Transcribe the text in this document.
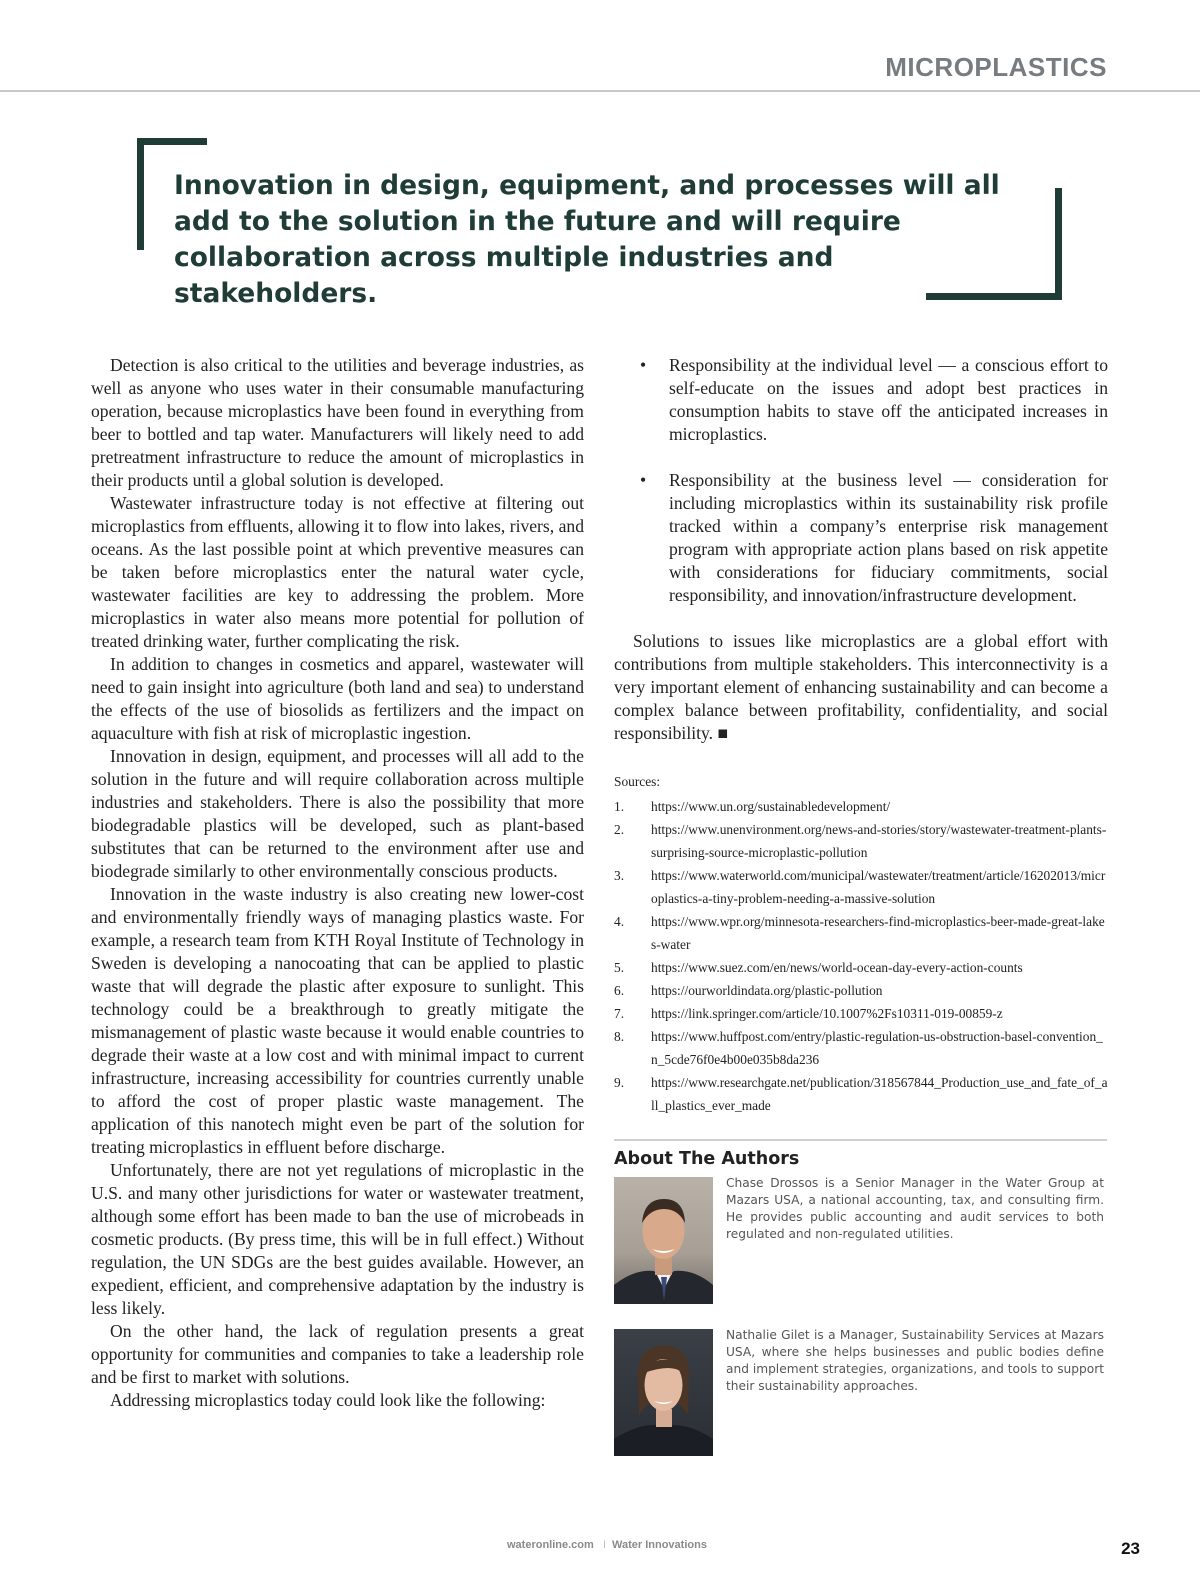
MICROPLASTICS

Innovation in design, equipment, and processes will all add to the solution in the future and will require collaboration across multiple industries and stakeholders.

Detection is also critical to the utilities and beverage industries, as well as anyone who uses water in their consumable manufacturing operation, because microplastics have been found in everything from beer to bottled and tap water. Manufacturers will likely need to add pretreatment infrastructure to reduce the amount of microplastics in their products until a global solution is developed.

Wastewater infrastructure today is not effective at filtering out microplastics from effluents, allowing it to flow into lakes, rivers, and oceans. As the last possible point at which preventive measures can be taken before microplastics enter the natural water cycle, wastewater facilities are key to addressing the problem. More microplastics in water also means more potential for pollution of treated drinking water, further complicating the risk.

In addition to changes in cosmetics and apparel, wastewater will need to gain insight into agriculture (both land and sea) to understand the effects of the use of biosolids as fertilizers and the impact on aquaculture with fish at risk of microplastic ingestion.

Innovation in design, equipment, and processes will all add to the solution in the future and will require collaboration across multiple industries and stakeholders. There is also the possibility that more biodegradable plastics will be developed, such as plant-based substitutes that can be returned to the environment after use and biodegrade similarly to other environmentally conscious products.

Innovation in the waste industry is also creating new lower-cost and environmentally friendly ways of managing plastics waste. For example, a research team from KTH Royal Institute of Technology in Sweden is developing a nanocoating that can be applied to plastic waste that will degrade the plastic after exposure to sunlight. This technology could be a breakthrough to greatly mitigate the mismanagement of plastic waste because it would enable countries to degrade their waste at a low cost and with minimal impact to current infrastructure, increasing accessibility for countries currently unable to afford the cost of proper plastic waste management. The application of this nanotech might even be part of the solution for treating microplastics in effluent before discharge.

Unfortunately, there are not yet regulations of microplastic in the U.S. and many other jurisdictions for water or wastewater treatment, although some effort has been made to ban the use of microbeads in cosmetic products. (By press time, this will be in full effect.) Without regulation, the UN SDGs are the best guides available. However, an expedient, efficient, and comprehensive adaptation by the industry is less likely.

On the other hand, the lack of regulation presents a great opportunity for communities and companies to take a leadership role and be first to market with solutions.

Addressing microplastics today could look like the following:

• Responsibility at the individual level — a conscious effort to self-educate on the issues and adopt best practices in consumption habits to stave off the anticipated increases in microplastics.
• Responsibility at the business level — consideration for including microplastics within its sustainability risk profile tracked within a company’s enterprise risk management program with appropriate action plans based on risk appetite with considerations for fiduciary commitments, social responsibility, and innovation/infrastructure development.

Solutions to issues like microplastics are a global effort with contributions from multiple stakeholders. This interconnectivity is a very important element of enhancing sustainability and can become a complex balance between profitability, confidentiality, and social responsibility. ■

Sources:
1. https://www.un.org/sustainabledevelopment/
2. https://www.unenvironment.org/news-and-stories/story/wastewater-treatment-plants-surprising-source-microplastic-pollution
3. https://www.waterworld.com/municipal/wastewater/treatment/article/16202013/microplastics-a-tiny-problem-needing-a-massive-solution
4. https://www.wpr.org/minnesota-researchers-find-microplastics-beer-made-great-lakes-water
5. https://www.suez.com/en/news/world-ocean-day-every-action-counts
6. https://ourworldindata.org/plastic-pollution
7. https://link.springer.com/article/10.1007%2Fs10311-019-00859-z
8. https://www.huffpost.com/entry/plastic-regulation-us-obstruction-basel-convention_n_5cde76f0e4b00e035b8da236
9. https://www.researchgate.net/publication/318567844_Production_use_and_fate_of_all_plastics_ever_made
About The Authors

Chase Drossos is a Senior Manager in the Water Group at Mazars USA, a national accounting, tax, and consulting firm. He provides public accounting and audit services to both regulated and non-regulated utilities.

Nathalie Gilet is a Manager, Sustainability Services at Mazars USA, where she helps businesses and public bodies define and implement strategies, organizations, and tools to support their sustainability approaches.

wateronline.com I Water Innovations	23
